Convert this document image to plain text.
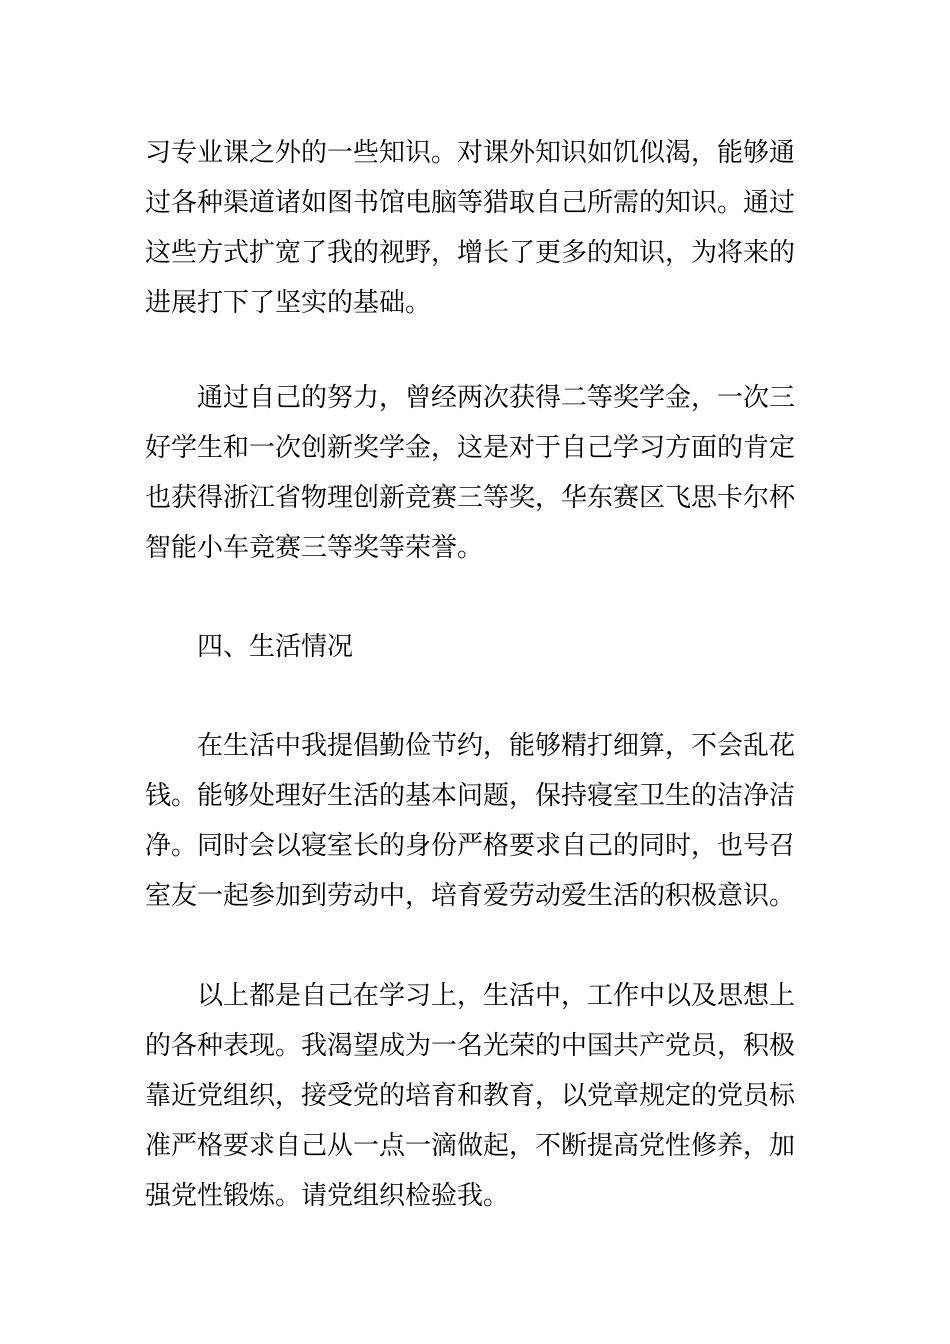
习专业课之外的一些知识。对课外知识如饥似渴，能够通
过各种渠道诸如图书馆电脑等猎取自己所需的知识。通过
这些方式扩宽了我的视野，增长了更多的知识，为将来的
进展打下了坚实的基础。
通过自己的努力，曾经两次获得二等奖学金，一次三
好学生和一次创新奖学金，这是对于自己学习方面的肯定
也获得浙江省物理创新竞赛三等奖，华东赛区飞思卡尔杯
智能小车竞赛三等奖等荣誉。
四、生活情况
在生活中我提倡勤俭节约，能够精打细算，不会乱花
钱。能够处理好生活的基本问题，保持寝室卫生的洁净洁
净。同时会以寝室长的身份严格要求自己的同时，也号召
室友一起参加到劳动中，培育爱劳动爱生活的积极意识。
以上都是自己在学习上，生活中，工作中以及思想上
的各种表现。我渴望成为一名光荣的中国共产党员，积极
靠近党组织，接受党的培育和教育，以党章规定的党员标
准严格要求自己从一点一滴做起，不断提高党性修养，加
强党性锻炼。请党组织检验我。
